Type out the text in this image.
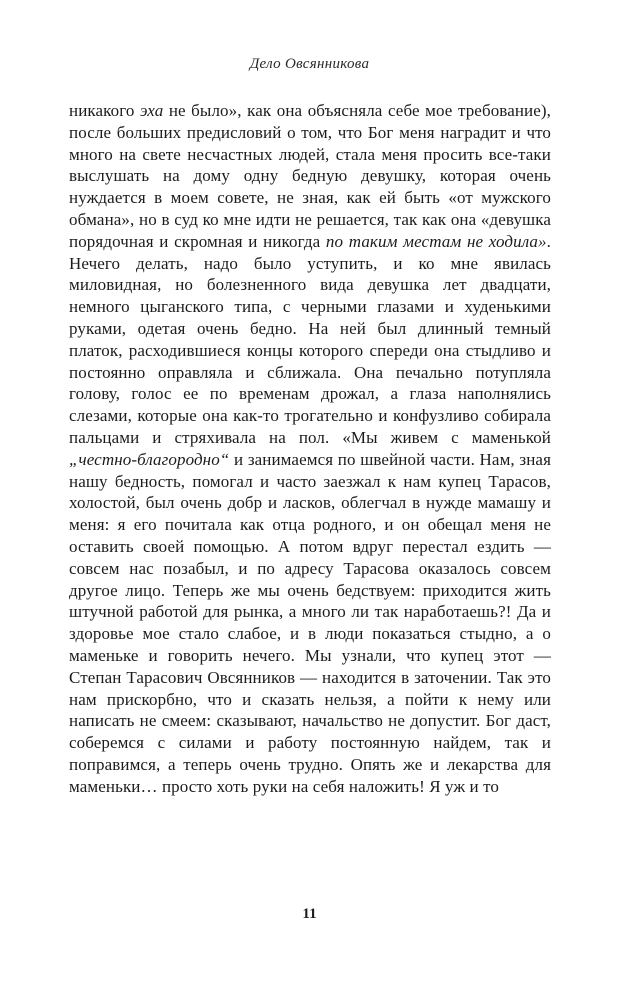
Дело Овсянникова
никакого эха не было», как она объясняла себе мое требование), после больших предисловий о том, что Бог меня наградит и что много на свете несчастных людей, стала меня просить все-таки выслушать на дому одну бедную девушку, которая очень нуждается в моем совете, не зная, как ей быть «от мужского обмана», но в суд ко мне идти не решается, так как она «девушка порядочная и скромная и никогда по таким местам не ходила». Нечего делать, надо было уступить, и ко мне явилась миловидная, но болезненного вида девушка лет двадцати, немного цыганского типа, с черными глазами и худенькими руками, одетая очень бедно. На ней был длинный темный платок, расходившиеся концы которого спереди она стыдливо и постоянно оправляла и сближала. Она печально потупляла голову, голос ее по временам дрожал, а глаза наполнялись слезами, которые она как-то трогательно и конфузливо собирала пальцами и стряхивала на пол. «Мы живем с маменькой „честно-благородно“ и занимаемся по швейной части. Нам, зная нашу бедность, помогал и часто заезжал к нам купец Тарасов, холостой, был очень добр и ласков, облегчал в нужде мамашу и меня: я его почитала как отца родного, и он обещал меня не оставить своей помощью. А потом вдруг перестал ездить — совсем нас позабыл, и по адресу Тарасова оказалось совсем другое лицо. Теперь же мы очень бедствуем: приходится жить штучной работой для рынка, а много ли так наработаешь?! Да и здоровье мое стало слабое, и в люди показаться стыдно, а о маменьке и говорить нечего. Мы узнали, что купец этот — Степан Тарасович Овсянников — находится в заточении. Так это нам прискорбно, что и сказать нельзя, а пойти к нему или написать не смеем: сказывают, начальство не допустит. Бог даст, соберемся с силами и работу постоянную найдем, так и поправимся, а теперь очень трудно. Опять же и лекарства для маменьки… просто хоть руки на себя наложить! Я уж и то
11
